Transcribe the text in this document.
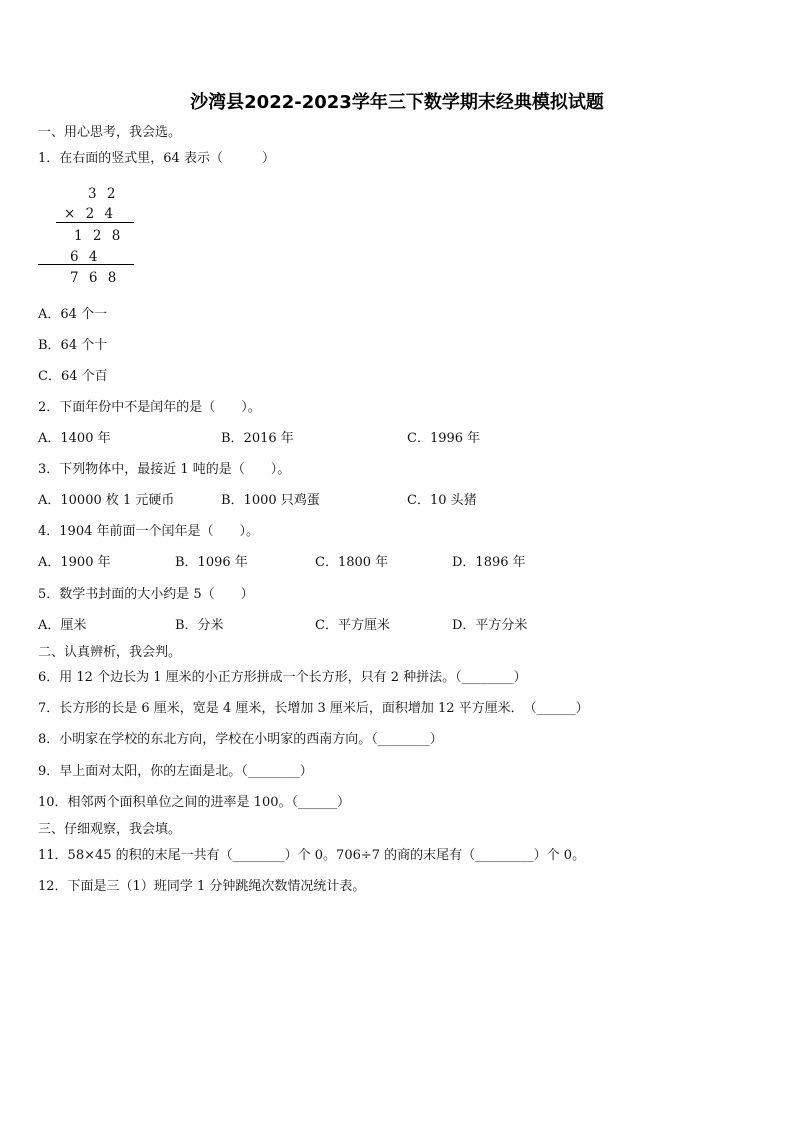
沙湾县2022-2023学年三下数学期末经典模拟试题
一、用心思考，我会选。
1．在右面的竖式里，64 表示（　　　）
3 2
× 2 4
1 2 8
6 4
7 6 8
A．64 个一
B．64 个十
C．64 个百
2．下面年份中不是闰年的是（　　）。
A．1400 年	B．2016 年	C．1996 年
3．下列物体中，最接近 1 吨的是（　　）。
A．10000 枚 1 元硬币	B．1000 只鸡蛋	C．10 头猪
4．1904 年前面一个闰年是（　　）。
A．1900 年	B．1096 年	C．1800 年	D．1896 年
5．数学书封面的大小约是 5（　　）
A．厘米	B．分米	C．平方厘米	D．平方分米
二、认真辨析，我会判。
6．用 12 个边长为 1 厘米的小正方形拼成一个长方形，只有 2 种拼法。（________）
7．长方形的长是 6 厘米，宽是 4 厘米，长增加 3 厘米后，面积增加 12 平方厘米．　（______）
8．小明家在学校的东北方向，学校在小明家的西南方向。（________）
9．早上面对太阳，你的左面是北。（________）
10．相邻两个面积单位之间的进率是 100。（______）
三、仔细观察，我会填。
11．58×45 的积的末尾一共有（________）个 0。706÷7 的商的末尾有（_________）个 0。
12．下面是三（1）班同学 1 分钟跳绳次数情况统计表。
